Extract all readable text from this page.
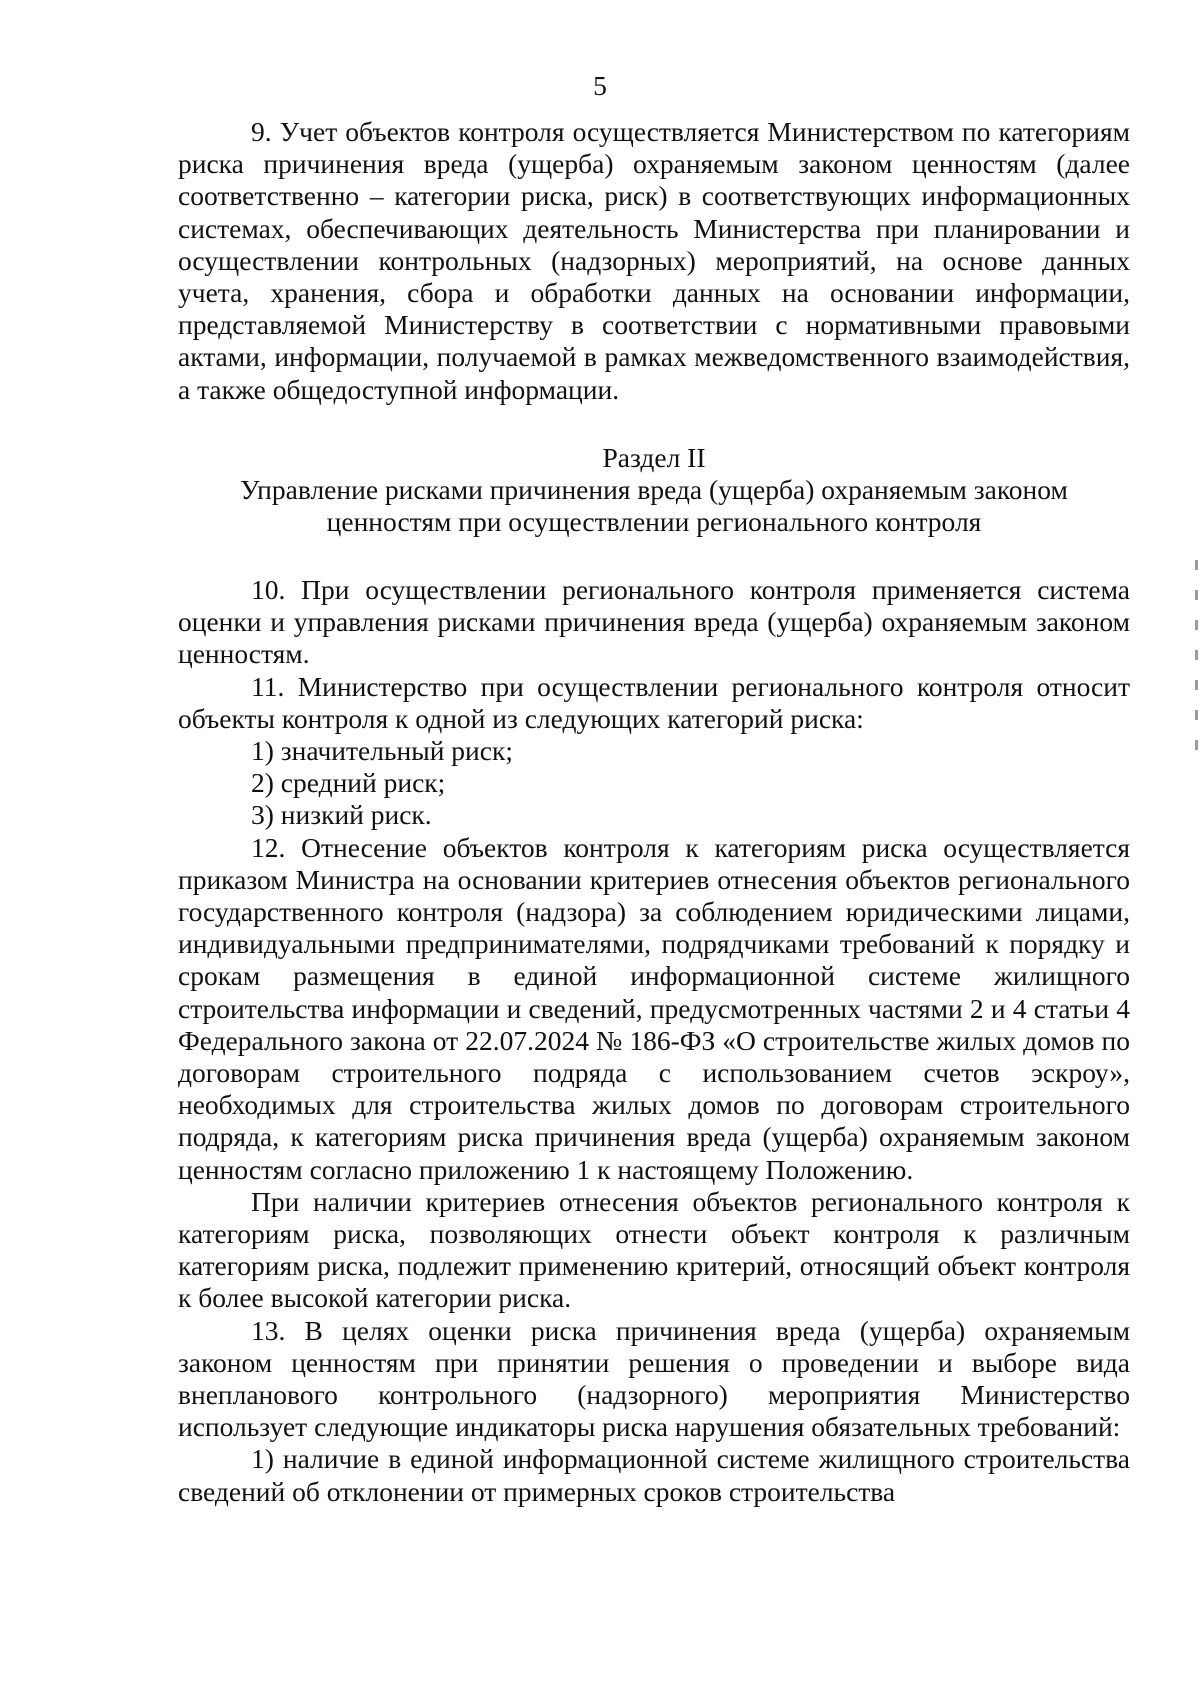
5

9. Учет объектов контроля осуществляется Министерством по категориям риска причинения вреда (ущерба) охраняемым законом ценностям (далее соответственно – категории риска, риск) в соответствующих информационных системах, обеспечивающих деятельность Министерства при планировании и осуществлении контрольных (надзорных) мероприятий, на основе данных учета, хранения, сбора и обработки данных на основании информации, представляемой Министерству в соответствии с нормативными правовыми актами, информации, получаемой в рамках межведомственного взаимодействия, а также общедоступной информации.

Раздел II
Управление рисками причинения вреда (ущерба) охраняемым законом
ценностям при осуществлении регионального контроля

10. При осуществлении регионального контроля применяется система оценки и управления рисками причинения вреда (ущерба) охраняемым законом ценностям.

11. Министерство при осуществлении регионального контроля относит объекты контроля к одной из следующих категорий риска:

1) значительный риск;
2) средний риск;
3) низкий риск.

12. Отнесение объектов контроля к категориям риска осуществляется приказом Министра на основании критериев отнесения объектов регионального государственного контроля (надзора) за соблюдением юридическими лицами, индивидуальными предпринимателями, подрядчиками требований к порядку и срокам размещения в единой информационной системе жилищного строительства информации и сведений, предусмотренных частями 2 и 4 статьи 4 Федерального закона от 22.07.2024 № 186-ФЗ «О строительстве жилых домов по договорам строительного подряда с использованием счетов эскроу», необходимых для строительства жилых домов по договорам строительного подряда, к категориям риска причинения вреда (ущерба) охраняемым законом ценностям согласно приложению 1 к настоящему Положению.

При наличии критериев отнесения объектов регионального контроля к категориям риска, позволяющих отнести объект контроля к различным категориям риска, подлежит применению критерий, относящий объект контроля к более высокой категории риска.

13. В целях оценки риска причинения вреда (ущерба) охраняемым законом ценностям при принятии решения о проведении и выборе вида внепланового контрольного (надзорного) мероприятия Министерство использует следующие индикаторы риска нарушения обязательных требований:

1) наличие в единой информационной системе жилищного строительства сведений об отклонении от примерных сроков строительства
